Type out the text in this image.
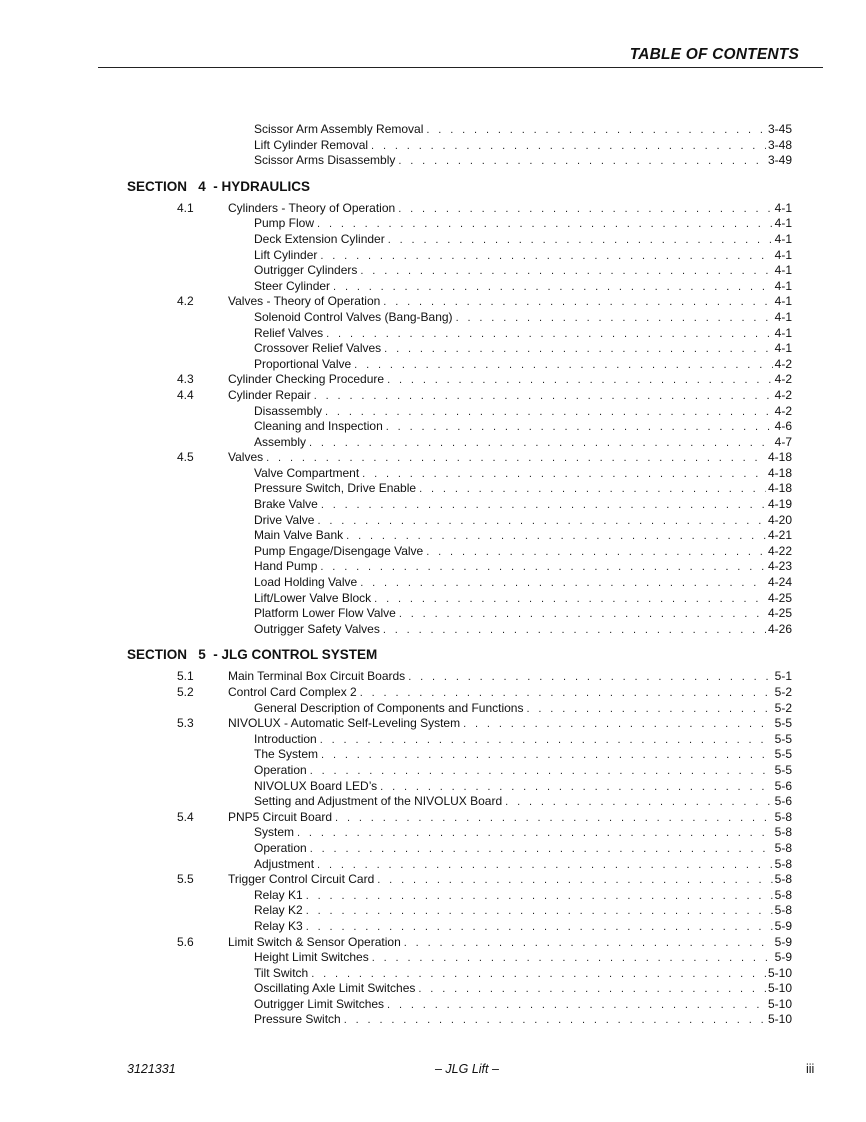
TABLE OF CONTENTS
Scissor Arm Assembly Removal . . .	3-45
Lift Cylinder Removal . . .	3-48
Scissor Arms Disassembly . . .	3-49
SECTION   4  - HYDRAULICS
4.1	Cylinders - Theory of Operation . . .	4-1
Pump Flow . . .	4-1
Deck Extension Cylinder . . .	4-1
Lift Cylinder . . .	4-1
Outrigger Cylinders . . .	4-1
Steer Cylinder . . .	4-1
4.2	Valves - Theory of Operation . . .	4-1
Solenoid Control Valves (Bang-Bang) . . .	4-1
Relief Valves . . .	4-1
Crossover Relief Valves . . .	4-1
Proportional Valve . . .	4-2
4.3	Cylinder Checking Procedure . . .	4-2
4.4	Cylinder Repair . . .	4-2
Disassembly . . .	4-2
Cleaning and Inspection . . .	4-6
Assembly . . .	4-7
4.5	Valves . . .	4-18
Valve Compartment . . .	4-18
Pressure Switch, Drive Enable . . .	4-18
Brake Valve . . .	4-19
Drive Valve . . .	4-20
Main Valve Bank . . .	4-21
Pump Engage/Disengage Valve . . .	4-22
Hand Pump . . .	4-23
Load Holding Valve . . .	4-24
Lift/Lower Valve Block . . .	4-25
Platform Lower Flow Valve . . .	4-25
Outrigger Safety Valves . . .	4-26
SECTION   5  - JLG CONTROL SYSTEM
5.1	Main Terminal Box Circuit Boards . . .	5-1
5.2	Control Card Complex 2 . . .	5-2
General Description of Components and Functions . . .	5-2
5.3	NIVOLUX - Automatic Self-Leveling System . . .	5-5
Introduction . . .	5-5
The System . . .	5-5
Operation . . .	5-5
NIVOLUX Board LED’s . . .	5-6
Setting and Adjustment of the NIVOLUX Board . . .	5-6
5.4	PNP5 Circuit Board . . .	5-8
System . . .	5-8
Operation . . .	5-8
Adjustment . . .	5-8
5.5	Trigger Control Circuit Card . . .	5-8
Relay K1 . . .	5-8
Relay K2 . . .	5-8
Relay K3 . . .	5-9
5.6	Limit Switch & Sensor Operation . . .	5-9
Height Limit Switches . . .	5-9
Tilt Switch . . .	5-10
Oscillating Axle Limit Switches . . .	5-10
Outrigger Limit Switches . . .	5-10
Pressure Switch . . .	5-10
3121331	– JLG Lift –	iii
